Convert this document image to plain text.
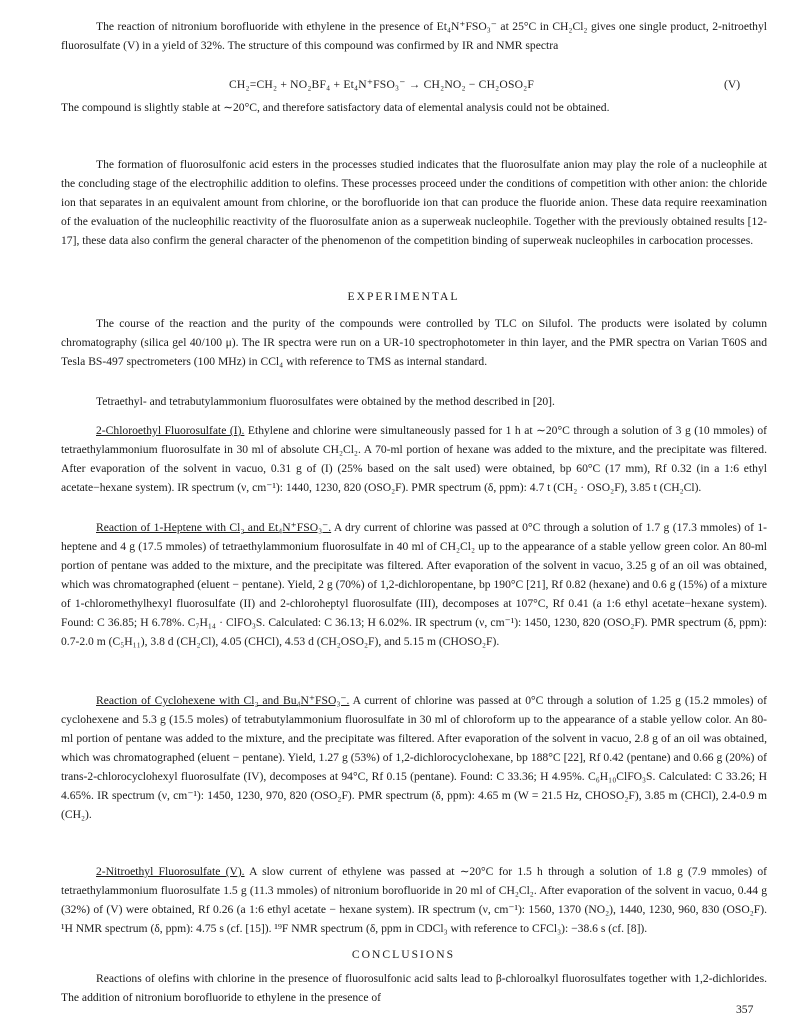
The reaction of nitronium borofluoride with ethylene in the presence of Et₄N⁺FSO₃⁻ at 25°C in CH₂Cl₂ gives one single product, 2-nitroethyl fluorosulfate (V) in a yield of 32%. The structure of this compound was confirmed by IR and NMR spectra

CH₂=CH₂ + NO₂BF₄ + Et₄N⁺FSO₃⁻ → CH₂NO₂ − CH₂OSO₂F	(V)

The compound is slightly stable at ∼20°C, and therefore satisfactory data of elemental analysis could not be obtained.

The formation of fluorosulfonic acid esters in the processes studied indicates that the fluorosulfate anion may play the role of a nucleophile at the concluding stage of the electrophilic addition to olefins. These processes proceed under the conditions of competition with other anion: the chloride ion that separates in an equivalent amount from chlorine, or the borofluoride ion that can produce the fluoride anion. These data require reexamination of the evaluation of the nucleophilic reactivity of the fluorosulfate anion as a superweak nucleophile. Together with the previously obtained results [12-17], these data also confirm the general character of the phenomenon of the competition binding of superweak nucleophiles in carbocation processes.

EXPERIMENTAL

The course of the reaction and the purity of the compounds were controlled by TLC on Silufol. The products were isolated by column chromatography (silica gel 40/100 μ). The IR spectra were run on a UR-10 spectrophotometer in thin layer, and the PMR spectra on Varian T60S and Tesla BS-497 spectrometers (100 MHz) in CCl₄ with reference to TMS as internal standard.

Tetraethyl- and tetrabutylammonium fluorosulfates were obtained by the method described in [20].

2-Chloroethyl Fluorosulfate (I). Ethylene and chlorine were simultaneously passed for 1 h at ∼20°C through a solution of 3 g (10 mmoles) of tetraethylammonium fluorosulfate in 30 ml of absolute CH₂Cl₂. A 70-ml portion of hexane was added to the mixture, and the precipitate was filtered. After evaporation of the solvent in vacuo, 0.31 g of (I) (25% based on the salt used) were obtained, bp 60°C (17 mm), Rf 0.32 (in a 1:6 ethyl acetate−hexane system). IR spectrum (ν, cm⁻¹): 1440, 1230, 820 (OSO₂F). PMR spectrum (δ, ppm): 4.7 t (CH₂ · OSO₂F), 3.85 t (CH₂Cl).

Reaction of 1-Heptene with Cl₂ and Et₄N⁺FSO₃⁻. A dry current of chlorine was passed at 0°C through a solution of 1.7 g (17.3 mmoles) of 1-heptene and 4 g (17.5 mmoles) of tetraethylammonium fluorosulfate in 40 ml of CH₂Cl₂ up to the appearance of a stable yellow green color. An 80-ml portion of pentane was added to the mixture, and the precipitate was filtered. After evaporation of the solvent in vacuo, 3.25 g of an oil was obtained, which was chromatographed (eluent − pentane). Yield, 2 g (70%) of 1,2-dichloropentane, bp 190°C [21], Rf 0.82 (hexane) and 0.6 g (15%) of a mixture of 1-chloromethylhexyl fluorosulfate (II) and 2-chloroheptyl fluorosulfate (III), decomposes at 107°C, Rf 0.41 (a 1:6 ethyl acetate−hexane system). Found: C 36.85; H 6.78%. C₇H₁₄ · ClFO₃S. Calculated: C 36.13; H 6.02%. IR spectrum (ν, cm⁻¹): 1450, 1230, 820 (OSO₂F). PMR spectrum (δ, ppm): 0.7-2.0 m (C₅H₁₁), 3.8 d (CH₂Cl), 4.05 (CHCl), 4.53 d (CH₂OSO₂F), and 5.15 m (CHOSO₂F).

Reaction of Cyclohexene with Cl₂ and Bu₄N⁺FSO₃⁻. A current of chlorine was passed at 0°C through a solution of 1.25 g (15.2 mmoles) of cyclohexene and 5.3 g (15.5 moles) of tetrabutylammonium fluorosulfate in 30 ml of chloroform up to the appearance of a stable yellow color. An 80-ml portion of pentane was added to the mixture, and the precipitate was filtered. After evaporation of the solvent in vacuo, 2.8 g of an oil was obtained, which was chromatographed (eluent − pentane). Yield, 1.27 g (53%) of 1,2-dichlorocyclohexane, bp 188°C [22], Rf 0.42 (pentane) and 0.66 g (20%) of trans-2-chlorocyclohexyl fluorosulfate (IV), decomposes at 94°C, Rf 0.15 (pentane). Found: C 33.36; H 4.95%. C₆H₁₀ClFO₃S. Calculated: C 33.26; H 4.65%. IR spectrum (ν, cm⁻¹): 1450, 1230, 970, 820 (OSO₂F). PMR spectrum (δ, ppm): 4.65 m (W = 21.5 Hz, CHOSO₂F), 3.85 m (CHCl), 2.4-0.9 m (CH₂).

2-Nitroethyl Fluorosulfate (V). A slow current of ethylene was passed at ∼20°C for 1.5 h through a solution of 1.8 g (7.9 mmoles) of tetraethylammonium fluorosulfate 1.5 g (11.3 mmoles) of nitronium borofluoride in 20 ml of CH₂Cl₂. After evaporation of the solvent in vacuo, 0.44 g (32%) of (V) were obtained, Rf 0.26 (a 1:6 ethyl acetate − hexane system). IR spectrum (ν, cm⁻¹): 1560, 1370 (NO₂), 1440, 1230, 960, 830 (OSO₂F). ¹H NMR spectrum (δ, ppm): 4.75 s (cf. [15]). ¹⁹F NMR spectrum (δ, ppm in CDCl₃ with reference to CFCl₃): −38.6 s (cf. [8]).

CONCLUSIONS

Reactions of olefins with chlorine in the presence of fluorosulfonic acid salts lead to β-chloroalkyl fluorosulfates together with 1,2-dichlorides. The addition of nitronium borofluoride to ethylene in the presence of

357
